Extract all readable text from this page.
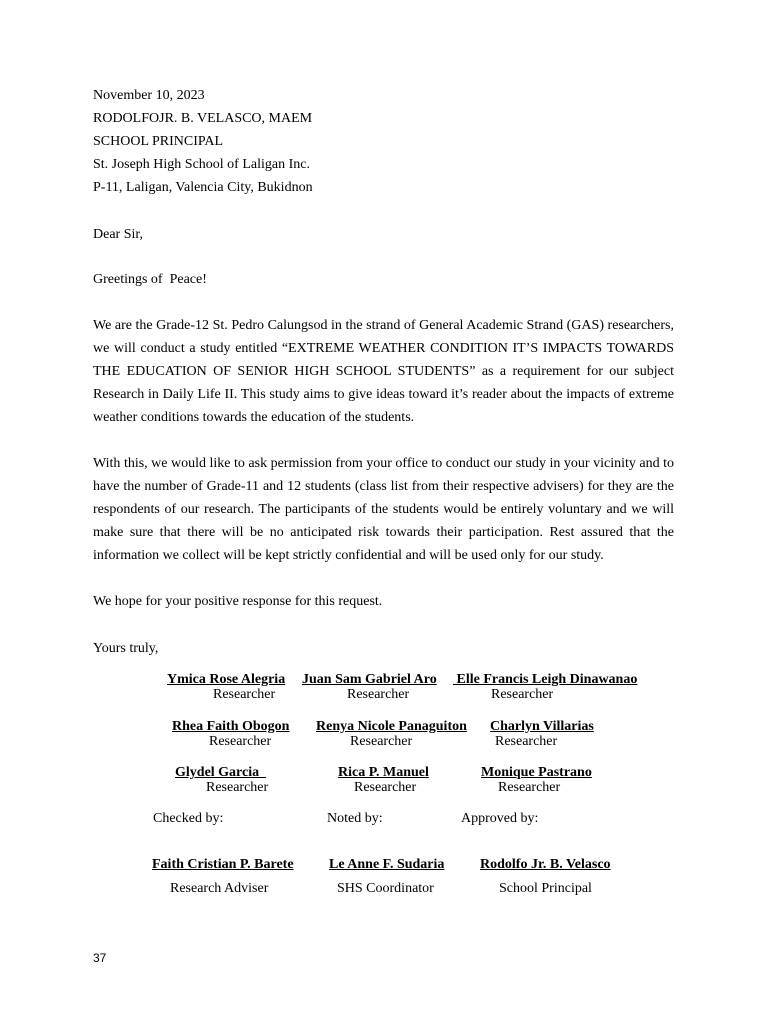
November 10, 2023
RODOLFOJR. B. VELASCO, MAEM
SCHOOL PRINCIPAL
St. Joseph High School of Laligan Inc.
P-11, Laligan, Valencia City, Bukidnon
Dear Sir,
Greetings of  Peace!
We are the Grade-12 St. Pedro Calungsod in the strand of General Academic Strand (GAS) researchers, we will conduct a study entitled “EXTREME WEATHER CONDITION IT’S IMPACTS TOWARDS THE EDUCATION OF SENIOR HIGH SCHOOL STUDENTS” as a requirement for our subject Research in Daily Life II. This study aims to give ideas toward it’s reader about the impacts of extreme weather conditions towards the education of the students.
With this, we would like to ask permission from your office to conduct our study in your vicinity and to have the number of Grade-11 and 12 students (class list from their respective advisers) for they are the respondents of our research. The participants of the students would be entirely voluntary and we will make sure that there will be no anticipated risk towards their participation. Rest assured that the information we collect will be kept strictly confidential and will be used only for our study.
We hope for your positive response for this request.
Yours truly,
Ymica Rose Alegria
Researcher
Juan Sam Gabriel Aro
Researcher
Elle Francis Leigh Dinawanao
Researcher
Rhea Faith Obogon
Researcher
Renya Nicole Panaguiton
Researcher
Charlyn Villarias
Researcher
Glydel Garcia
Researcher
Rica P. Manuel
Researcher
Monique Pastrano
Researcher
Checked by:	Noted by:	Approved by:
Faith Cristian P. Barete
Research Adviser
Le Anne F. Sudaria
SHS Coordinator
Rodolfo Jr. B. Velasco
School Principal
37
